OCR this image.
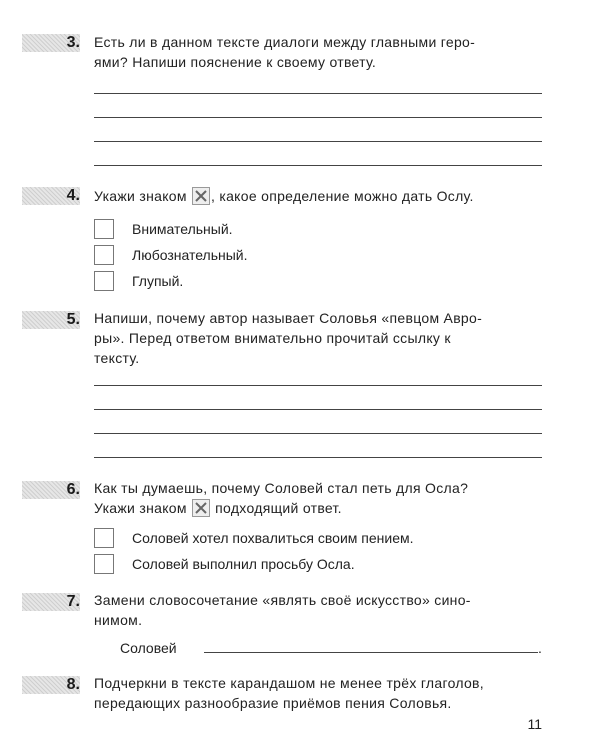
3. Есть ли в данном тексте диалоги между главными геро-
ями? Напиши пояснение к своему ответу.
4. Укажи знаком
, какое определение можно дать Ослу.
Внимательный.
Любознательный.
Глупый.
5. Напиши, почему автор называет Соловья «певцом Авро-
ры». Перед ответом внимательно прочитай ссылку к
тексту.
6. Как ты думаешь, почему Соловей стал петь для Осла?
Укажи знаком
подходящий ответ.
Соловей хотел похвалиться своим пением.
Соловей выполнил просьбу Осла.
7. Замени словосочетание «являть своё искусство» сино-
нимом.
Соловей	.
8. Подчеркни в тексте карандашом не менее трёх глаголов,
передающих разнообразие приёмов пения Соловья.
11
